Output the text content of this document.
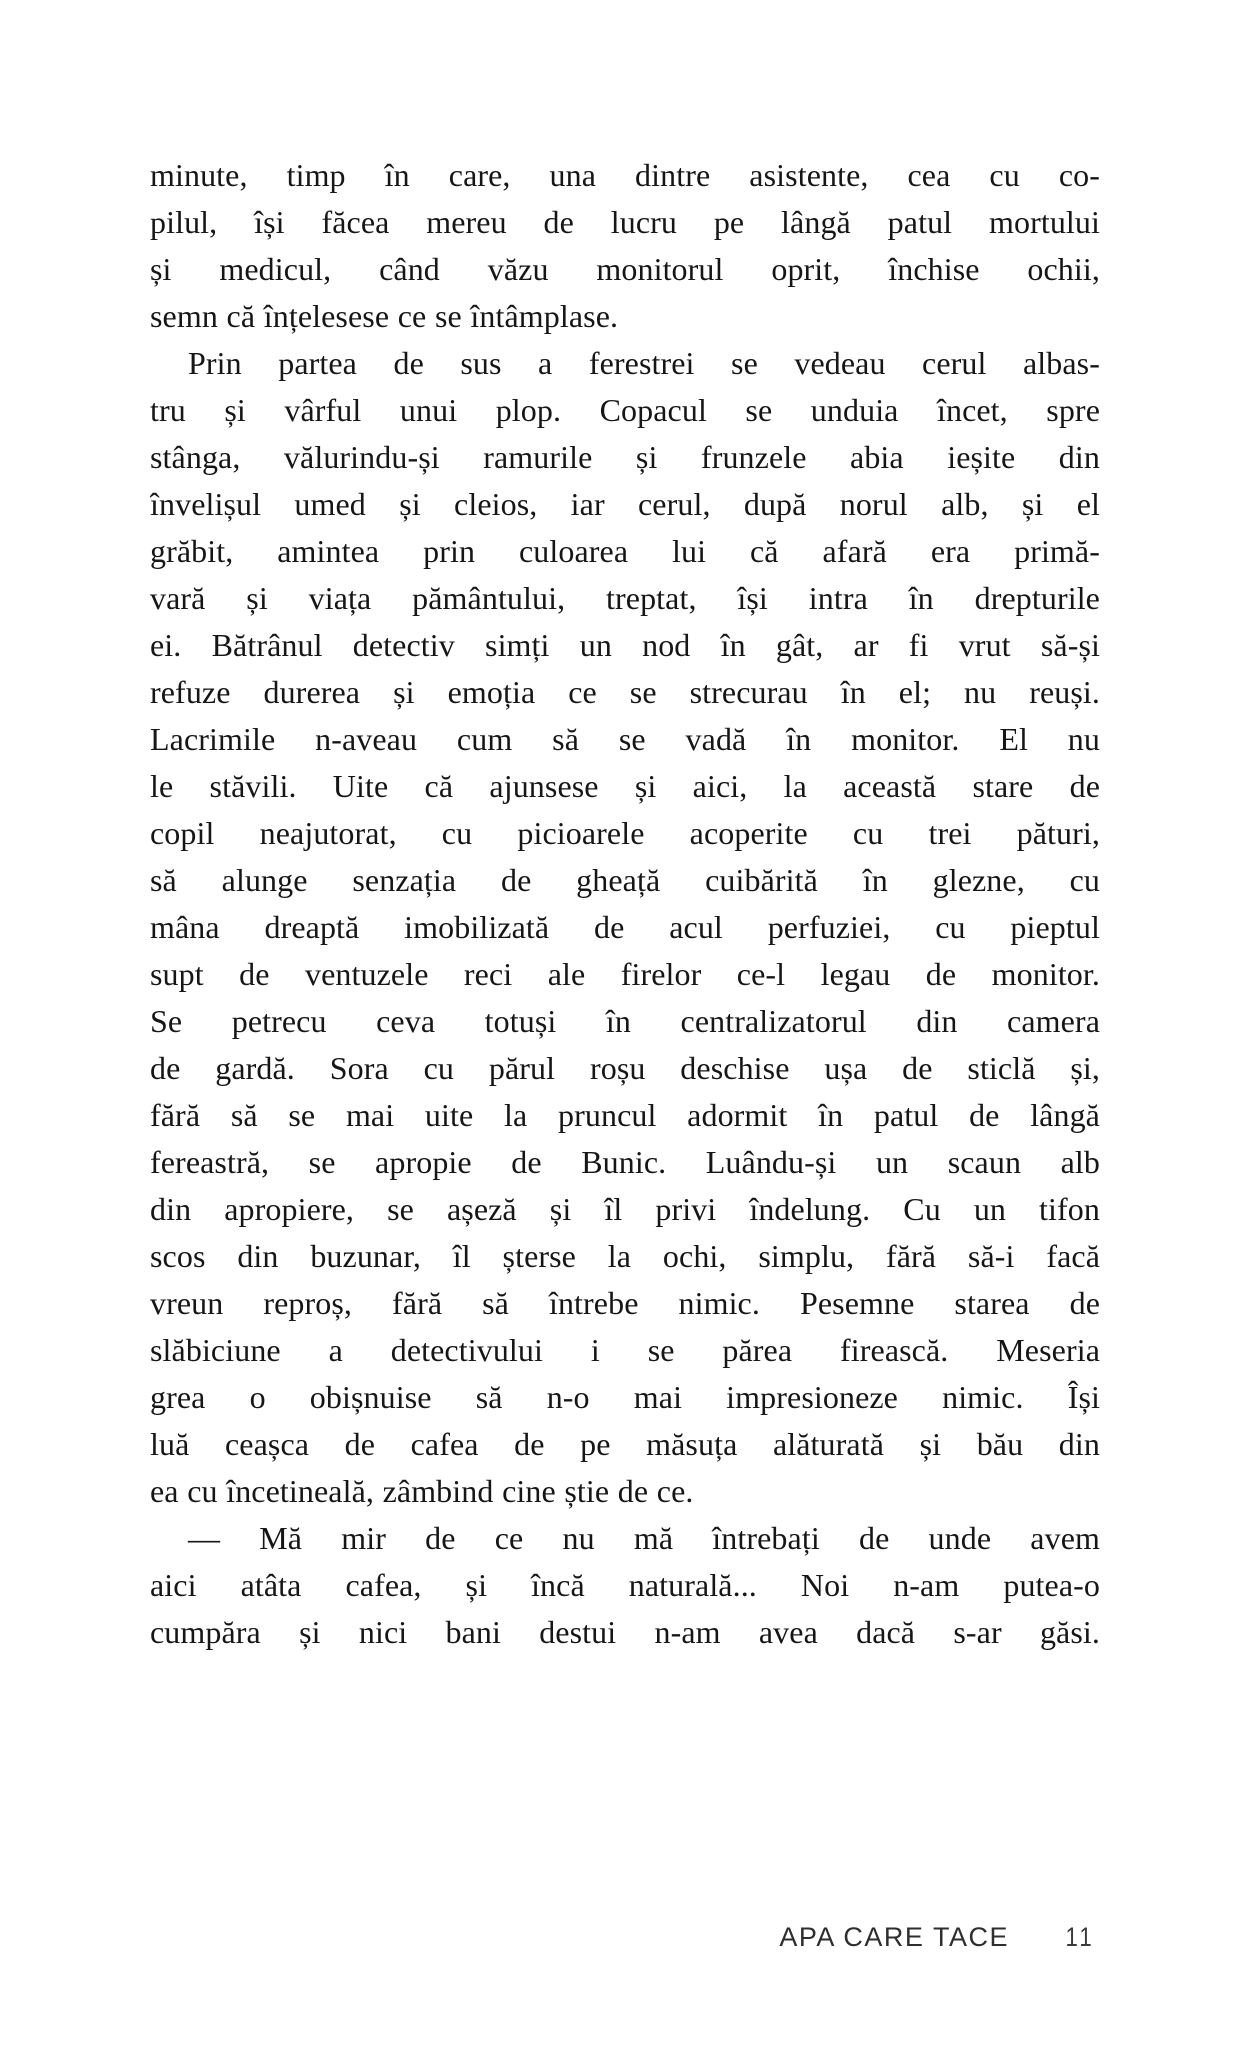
minute, timp în care, una dintre asistente, cea cu co-
pilul, își făcea mereu de lucru pe lângă patul mortului
și medicul, când văzu monitorul oprit, închise ochii,
semn că înțelesese ce se întâmplase.
Prin partea de sus a ferestrei se vedeau cerul albas-
tru și vârful unui plop. Copacul se unduia încet, spre
stânga, vălurindu-și ramurile și frunzele abia ieșite din
învelișul umed și cleios, iar cerul, după norul alb, și el
grăbit, amintea prin culoarea lui că afară era primă-
vară și viața pământului, treptat, își intra în drepturile
ei. Bătrânul detectiv simți un nod în gât, ar fi vrut să-și
refuze durerea și emoția ce se strecurau în el; nu reuși.
Lacrimile n-aveau cum să se vadă în monitor. El nu
le stăvili. Uite că ajunsese și aici, la această stare de
copil neajutorat, cu picioarele acoperite cu trei pături,
să alunge senzația de gheață cuibărită în glezne, cu
mâna dreaptă imobilizată de acul perfuziei, cu pieptul
supt de ventuzele reci ale firelor ce-l legau de monitor.
Se petrecu ceva totuși în centralizatorul din camera
de gardă. Sora cu părul roșu deschise ușa de sticlă și,
fără să se mai uite la pruncul adormit în patul de lângă
fereastră, se apropie de Bunic. Luându-și un scaun alb
din apropiere, se așeză și îl privi îndelung. Cu un tifon
scos din buzunar, îl șterse la ochi, simplu, fără să-i facă
vreun reproș, fără să întrebe nimic. Pesemne starea de
slăbiciune a detectivului i se părea firească. Meseria
grea o obișnuise să n-o mai impresioneze nimic. Își
luă ceașca de cafea de pe măsuța alăturată și bău din
ea cu încetineală, zâmbind cine știe de ce.
— Mă mir de ce nu mă întrebați de unde avem
aici atâta cafea, și încă naturală... Noi n-am putea-o
cumpăra și nici bani destui n-am avea dacă s-ar găsi.
APA CARE TACE 11
